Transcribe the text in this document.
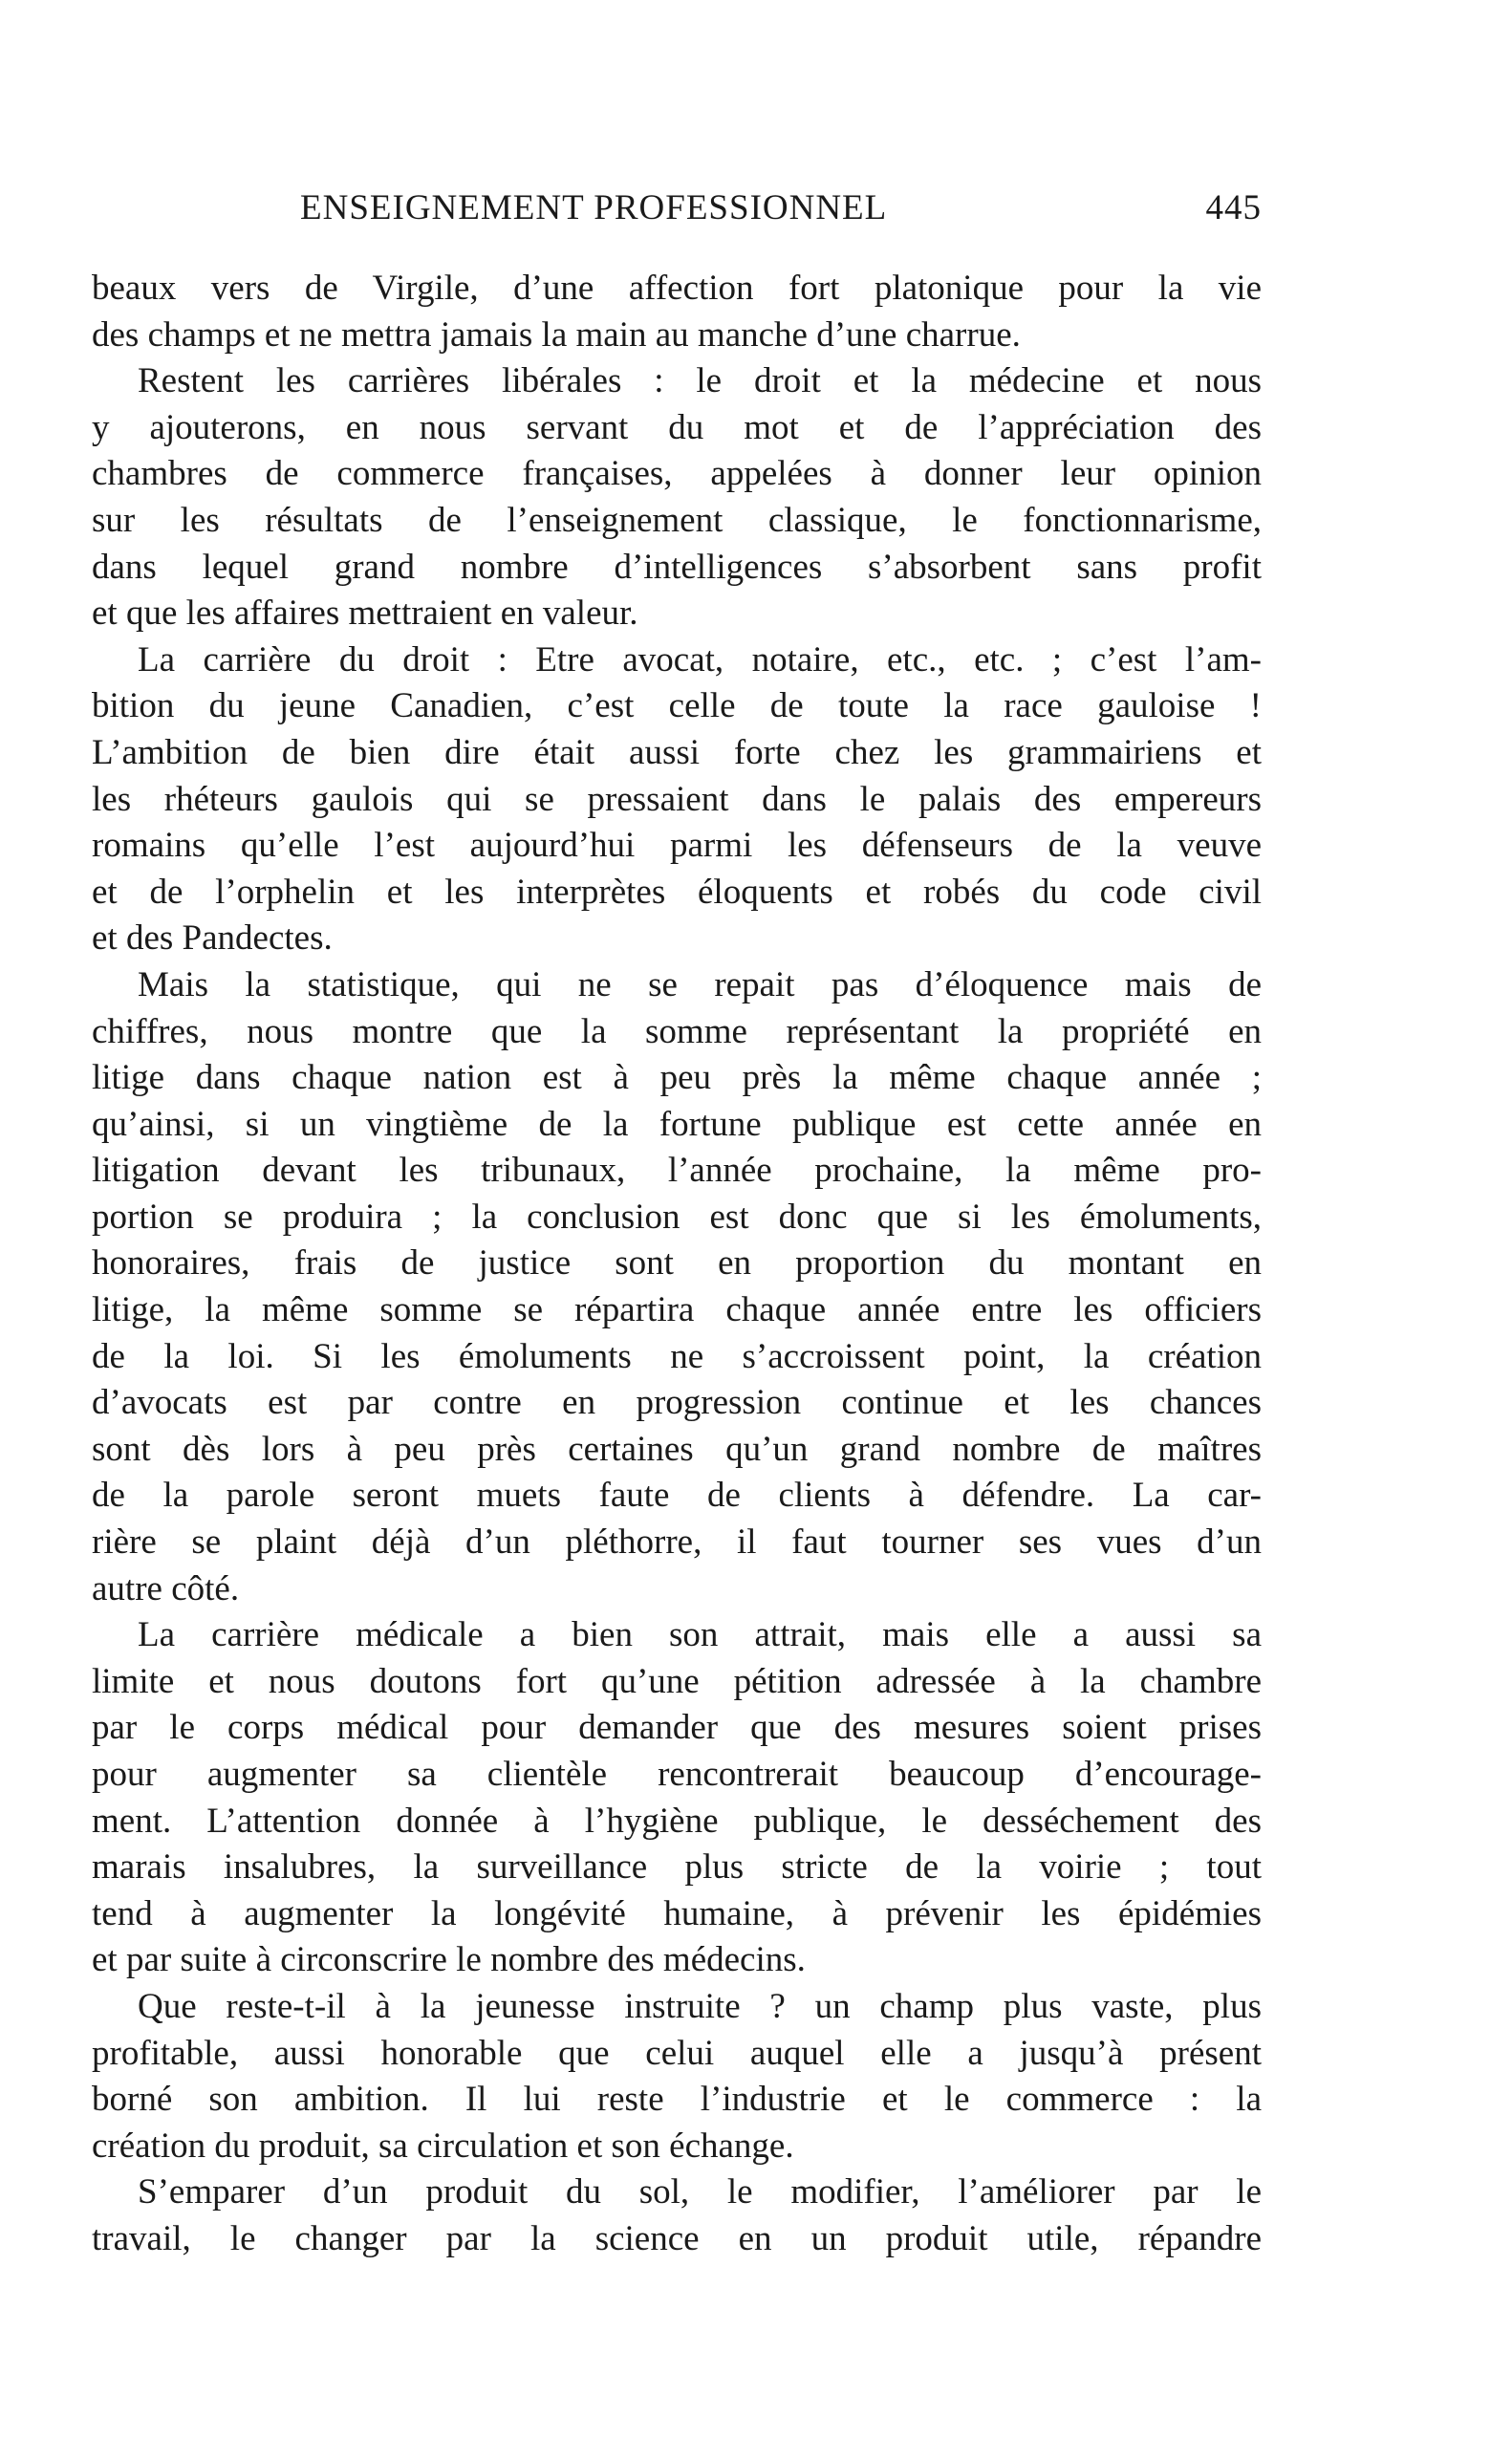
ENSEIGNEMENT PROFESSIONNEL	445
beaux vers de Virgile, d’une affection fort platonique pour la vie
des champs et ne mettra jamais la main au manche d’une charrue.
Restent les carrières libérales : le droit et la médecine et nous
y ajouterons, en nous servant du mot et de l’appréciation des
chambres de commerce françaises, appelées à donner leur opinion
sur les résultats de l’enseignement classique, le fonctionnarisme,
dans lequel grand nombre d’intelligences s’absorbent sans profit
et que les affaires mettraient en valeur.
La carrière du droit : Etre avocat, notaire, etc., etc. ; c’est l’am-
bition du jeune Canadien, c’est celle de toute la race gauloise !
L’ambition de bien dire était aussi forte chez les grammairiens et
les rhéteurs gaulois qui se pressaient dans le palais des empereurs
romains qu’elle l’est aujourd’hui parmi les défenseurs de la veuve
et de l’orphelin et les interprètes éloquents et robés du code civil
et des Pandectes.
Mais la statistique, qui ne se repait pas d’éloquence mais de
chiffres, nous montre que la somme représentant la propriété en
litige dans chaque nation est à peu près la même chaque année ;
qu’ainsi, si un vingtième de la fortune publique est cette année en
litigation devant les tribunaux, l’année prochaine, la même pro-
portion se produira ; la conclusion est donc que si les émoluments,
honoraires, frais de justice sont en proportion du montant en
litige, la même somme se répartira chaque année entre les officiers
de la loi. Si les émoluments ne s’accroissent point, la création
d’avocats est par contre en progression continue et les chances
sont dès lors à peu près certaines qu’un grand nombre de maîtres
de la parole seront muets faute de clients à défendre. La car-
rière se plaint déjà d’un pléthorre, il faut tourner ses vues d’un
autre côté.
La carrière médicale a bien son attrait, mais elle a aussi sa
limite et nous doutons fort qu’une pétition adressée à la chambre
par le corps médical pour demander que des mesures soient prises
pour augmenter sa clientèle rencontrerait beaucoup d’encourage-
ment. L’attention donnée à l’hygiène publique, le desséchement des
marais insalubres, la surveillance plus stricte de la voirie ; tout
tend à augmenter la longévité humaine, à prévenir les épidémies
et par suite à circonscrire le nombre des médecins.
Que reste-t-il à la jeunesse instruite ? un champ plus vaste, plus
profitable, aussi honorable que celui auquel elle a jusqu’à présent
borné son ambition. Il lui reste l’industrie et le commerce : la
création du produit, sa circulation et son échange.
S’emparer d’un produit du sol, le modifier, l’améliorer par le
travail, le changer par la science en un produit utile, répandre
